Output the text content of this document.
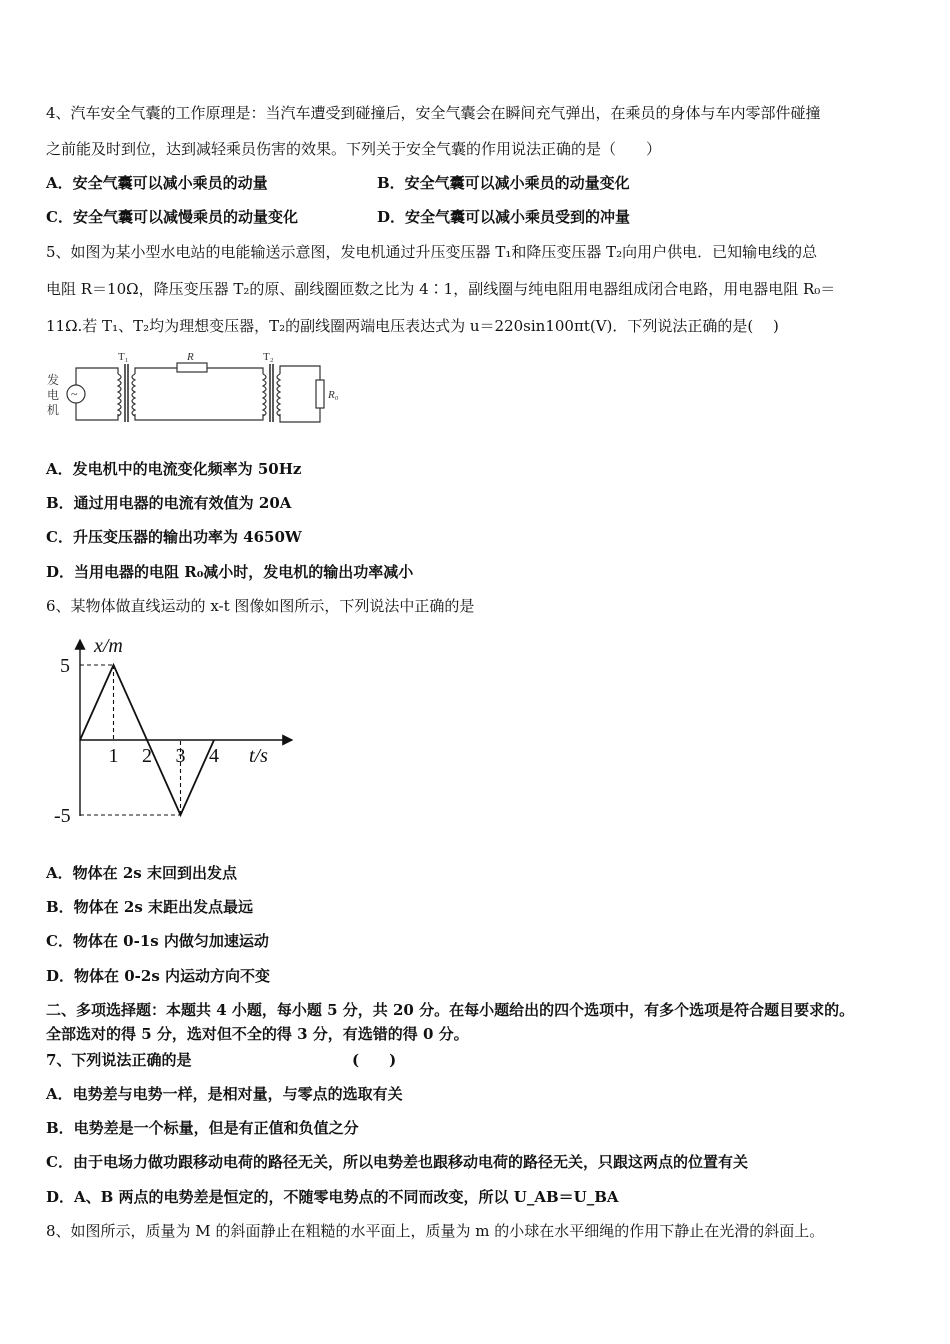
4、汽车安全气囊的工作原理是：当汽车遭受到碰撞后，安全气囊会在瞬间充气弹出，在乘员的身体与车内零部件碰撞
之前能及时到位，达到减轻乘员伤害的效果。下列关于安全气囊的作用说法正确的是（　　）
A．安全气囊可以减小乘员的动量	B．安全气囊可以减小乘员的动量变化
C．安全气囊可以减慢乘员的动量变化	D．安全气囊可以减小乘员受到的冲量
5、如图为某小型水电站的电能输送示意图，发电机通过升压变压器 T₁和降压变压器 T₂向用户供电．已知输电线的总
电阻 R＝10Ω，降压变压器 T₂的原、副线圈匝数之比为 4∶1，副线圈与纯电阻用电器组成闭合电路，用电器电阻 R₀＝
11Ω.若 T₁、T₂均为理想变压器，T₂的副线圈两端电压表达式为 u＝220sin100πt(V)．下列说法正确的是(　 )
发
电
机
~
T₁	R	T₂
R₀
A．发电机中的电流变化频率为 50Hz
B．通过用电器的电流有效值为 20A
C．升压变压器的输出功率为 4650W
D．当用电器的电阻 R₀减小时，发电机的输出功率减小
6、某物体做直线运动的 x-t 图像如图所示，下列说法中正确的是
x/m
t/s
1 2 3 4
5
-5
A．物体在 2s 末回到出发点
B．物体在 2s 末距出发点最远
C．物体在 0-1s 内做匀加速运动
D．物体在 0-2s 内运动方向不变
二、多项选择题：本题共 4 小题，每小题 5 分，共 20 分。在每小题给出的四个选项中，有多个选项是符合题目要求的。
全部选对的得 5 分，选对但不全的得 3 分，有选错的得 0 分。
7、下列说法正确的是	(　　)
A．电势差与电势一样，是相对量，与零点的选取有关
B．电势差是一个标量，但是有正值和负值之分
C．由于电场力做功跟移动电荷的路径无关，所以电势差也跟移动电荷的路径无关，只跟这两点的位置有关
D．A、B 两点的电势差是恒定的，不随零电势点的不同而改变，所以 U_AB＝U_BA
8、如图所示，质量为 M 的斜面静止在粗糙的水平面上，质量为 m 的小球在水平细绳的作用下静止在光滑的斜面上。
